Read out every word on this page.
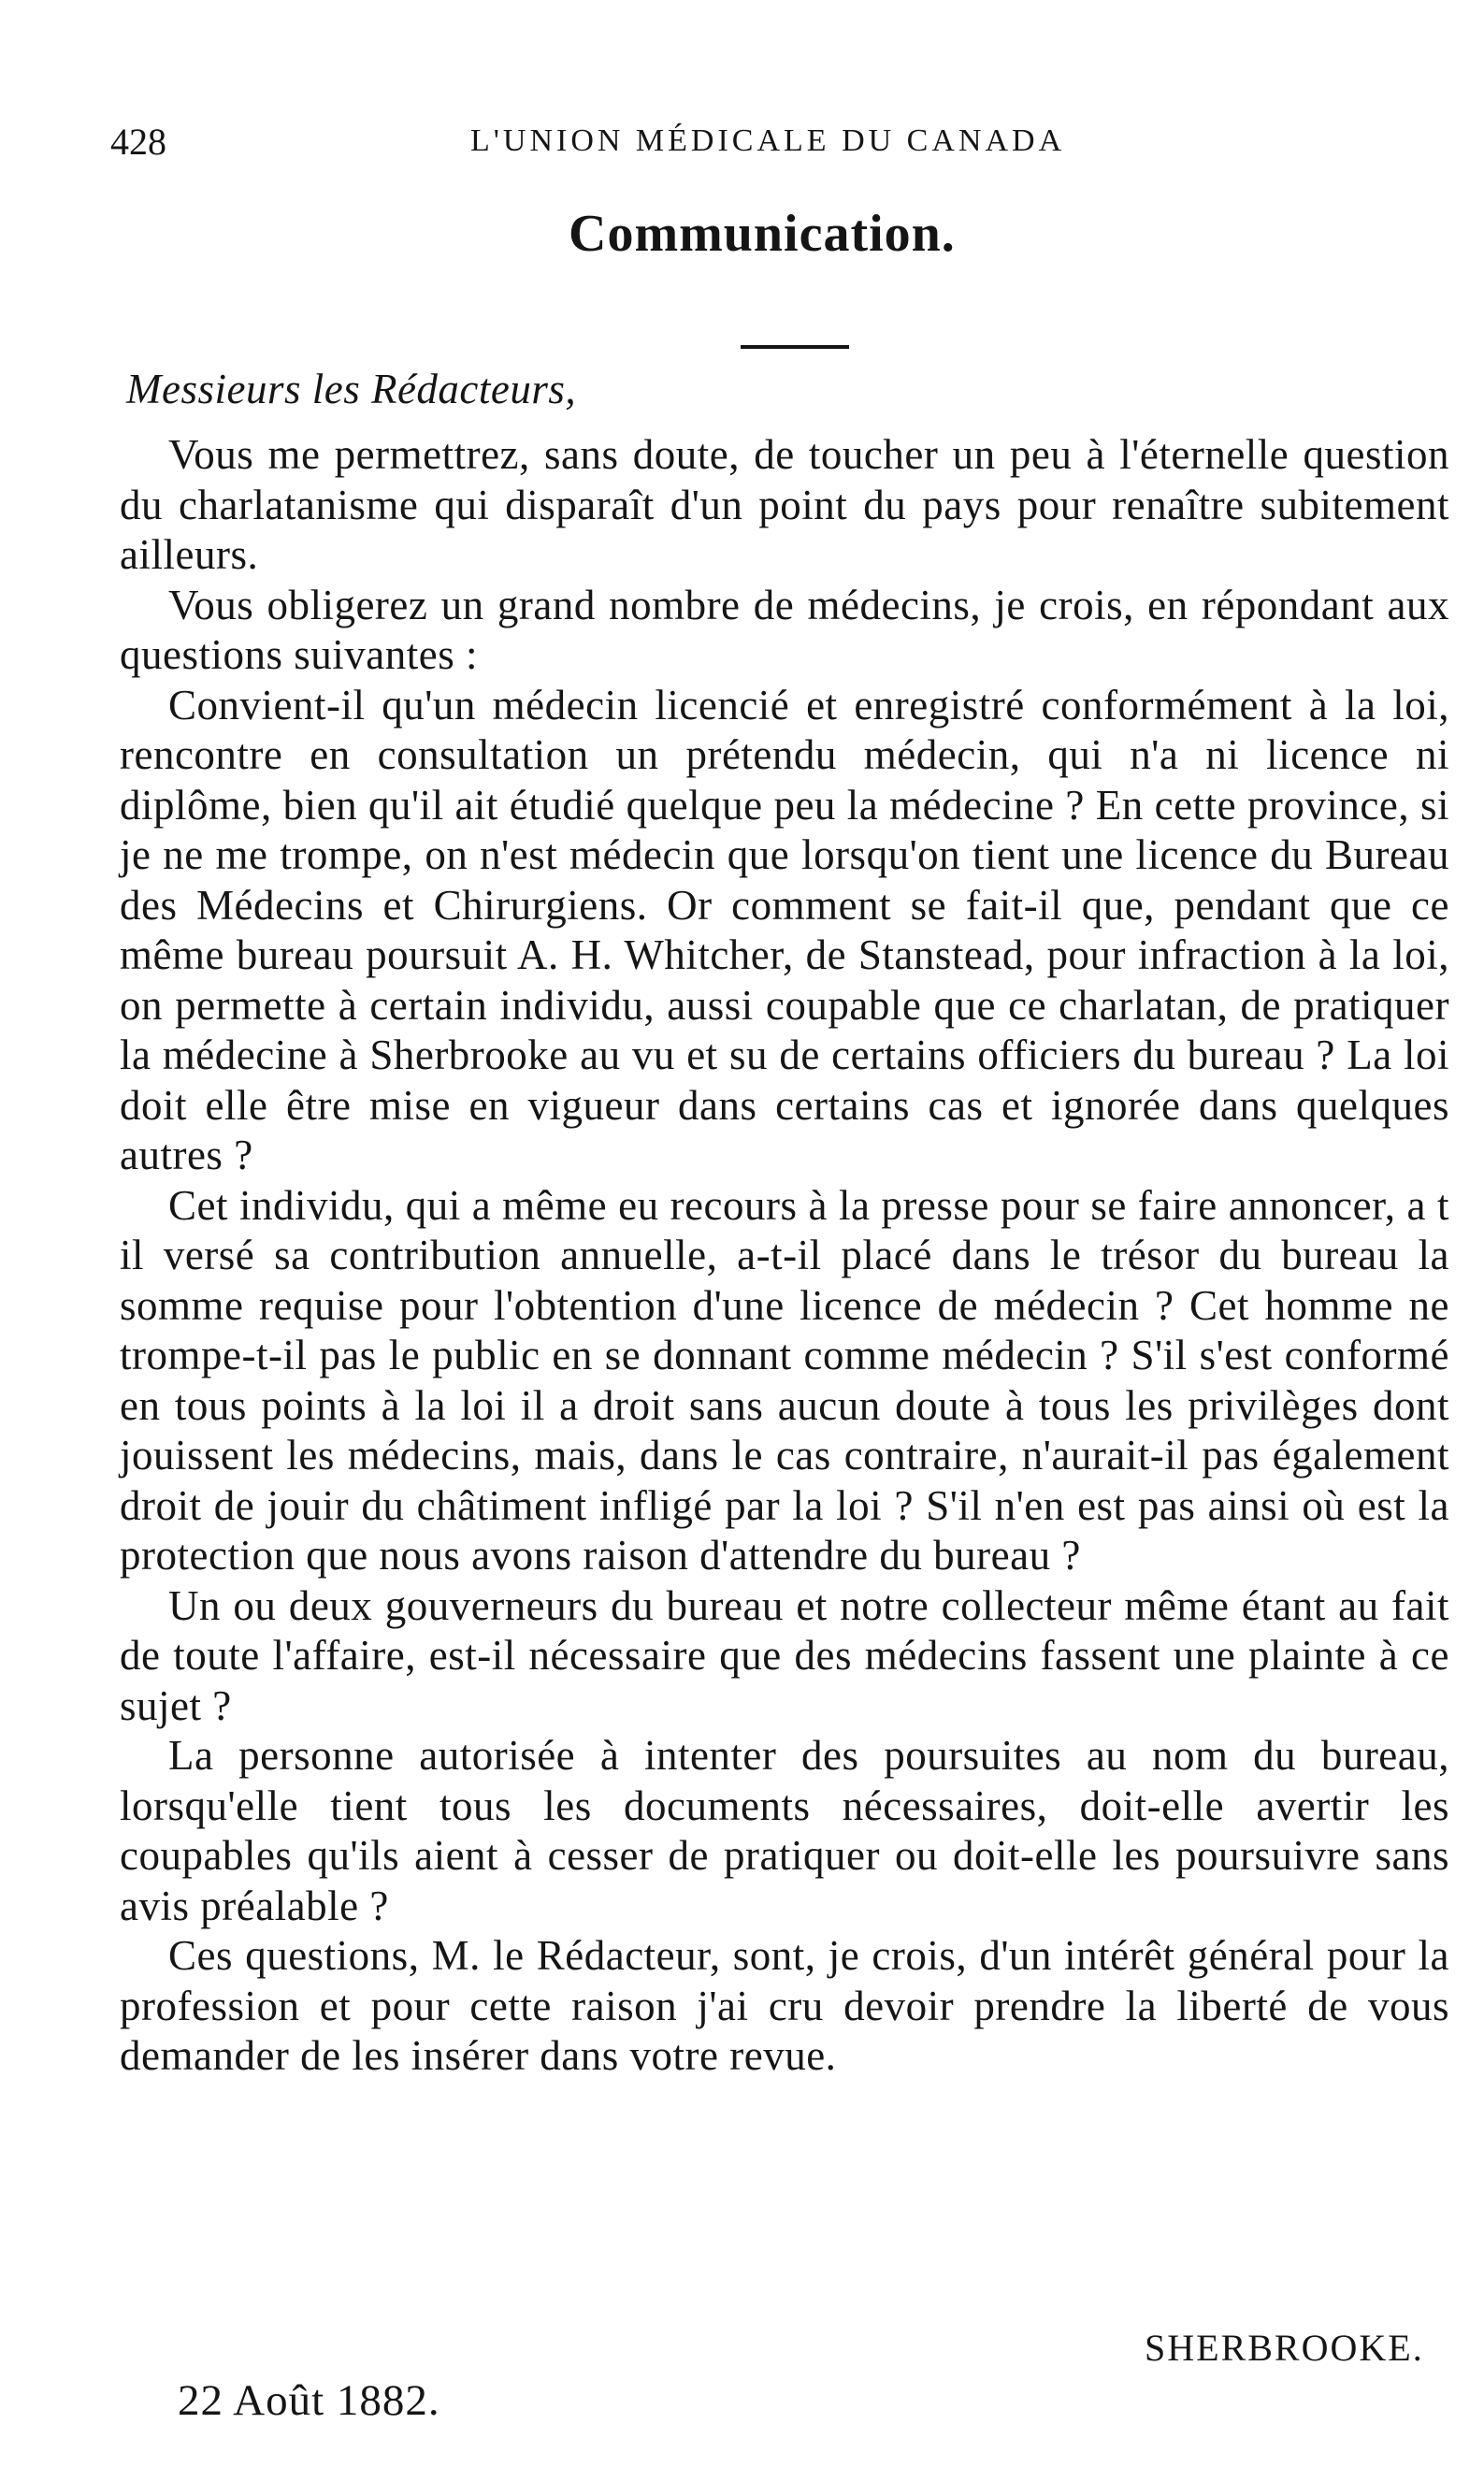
428	L'UNION MÉDICALE DU CANADA
Communication.
Messieurs les Rédacteurs,

Vous me permettrez, sans doute, de toucher un peu à l'éternelle question du charlatanisme qui disparaît d'un point du pays pour renaître subitement ailleurs.

Vous obligerez un grand nombre de médecins, je crois, en répondant aux questions suivantes :

Convient-il qu'un médecin licencié et enregistré conformément à la loi, rencontre en consultation un prétendu médecin, qui n'a ni licence ni diplôme, bien qu'il ait étudié quelque peu la médecine ? En cette province, si je ne me trompe, on n'est médecin que lorsqu'on tient une licence du Bureau des Médecins et Chirurgiens. Or comment se fait-il que, pendant que ce même bureau poursuit A. H. Whitcher, de Stanstead, pour infraction à la loi, on permette à certain individu, aussi coupable que ce charlatan, de pratiquer la médecine à Sherbrooke au vu et su de certains officiers du bureau ? La loi doit elle être mise en vigueur dans certains cas et ignorée dans quelques autres ?

Cet individu, qui a même eu recours à la presse pour se faire annoncer, a t il versé sa contribution annuelle, a-t-il placé dans le trésor du bureau la somme requise pour l'obtention d'une licence de médecin ? Cet homme ne trompe-t-il pas le public en se donnant comme médecin ? S'il s'est conformé en tous points à la loi il a droit sans aucun doute à tous les privilèges dont jouissent les médecins, mais, dans le cas contraire, n'aurait-il pas également droit de jouir du châtiment infligé par la loi ? S'il n'en est pas ainsi où est la protection que nous avons raison d'attendre du bureau ?

Un ou deux gouverneurs du bureau et notre collecteur même étant au fait de toute l'affaire, est-il nécessaire que des médecins fassent une plainte à ce sujet ?

La personne autorisée à intenter des poursuites au nom du bureau, lorsqu'elle tient tous les documents nécessaires, doit-elle avertir les coupables qu'ils aient à cesser de pratiquer ou doit-elle les poursuivre sans avis préalable ?

Ces questions, M. le Rédacteur, sont, je crois, d'un intérêt général pour la profession et pour cette raison j'ai cru devoir prendre la liberté de vous demander de les insérer dans votre revue.

SHERBROOKE.
22 Août 1882.
